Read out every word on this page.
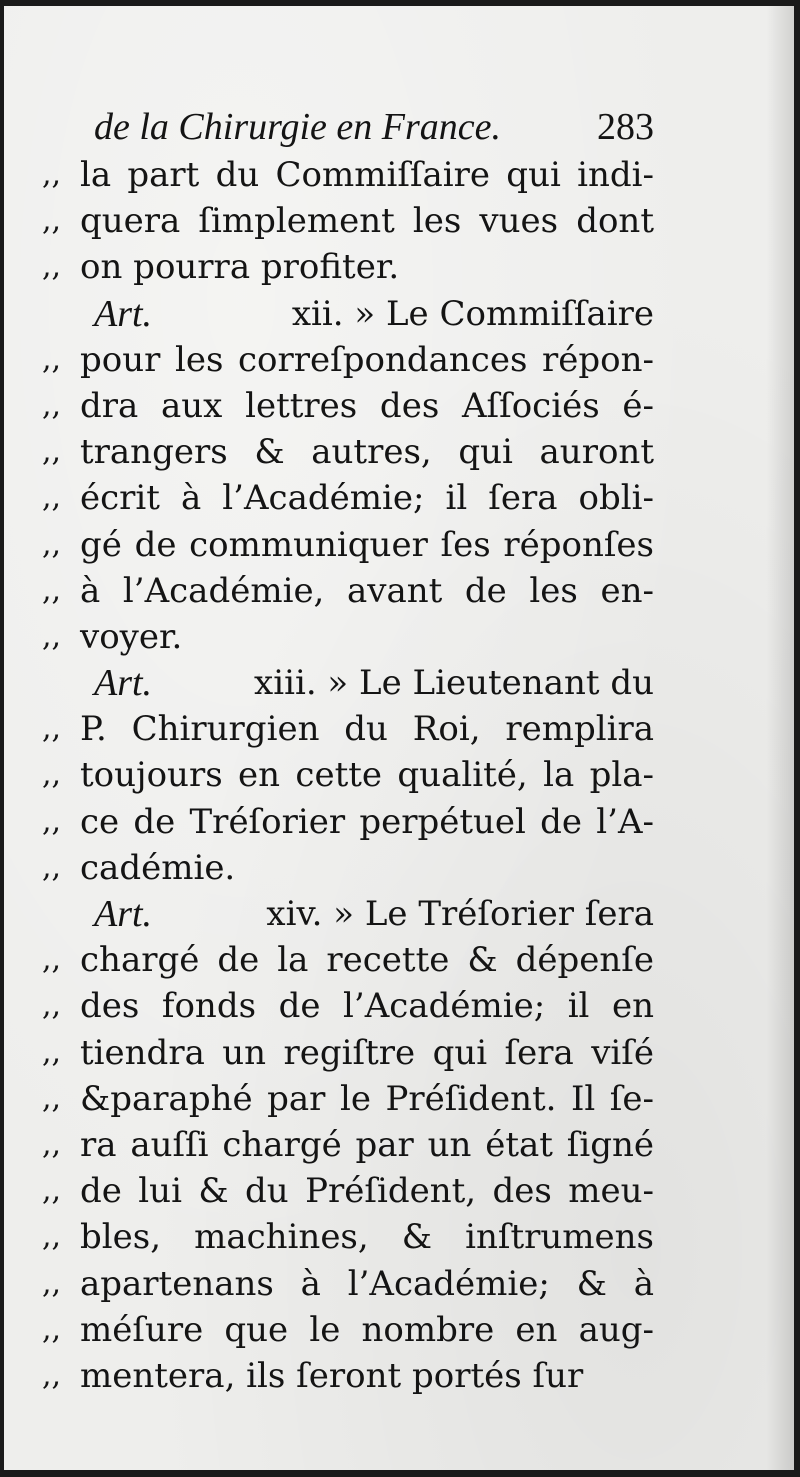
de la Chirurgie en France.	283
,, la part du Commiſſaire qui indi-
,, quera ſimplement les vues dont
,, on pourra profiter.
Art.	xii. » Le Commiſſaire
,, pour les correſpondances répon-
,, dra aux lettres des Aſſociés é-
,, trangers & autres, qui auront
,, écrit à l’Académie; il ſera obli-
,, gé de communiquer ſes réponſes
,, à l’Académie, avant de les en-
,, voyer.
Art.	xiii. » Le Lieutenant du
,, P. Chirurgien du Roi, remplira
,, toujours en cette qualité, la pla-
,, ce de Tréſorier perpétuel de l’A-
,, cadémie.
Art.	xiv. » Le Tréſorier ſera
,, chargé de la recette & dépenſe
,, des fonds de l’Académie; il en
,, tiendra un regiſtre qui ſera viſé
,, &paraphé par le Préſident. Il ſe-
,, ra auſſi chargé par un état ſigné
,, de lui & du Préſident, des meu-
,, bles, machines, & inſtrumens
,, apartenans à l’Académie; & à
,, méſure que le nombre en aug-
,, mentera, ils ſeront portés ſur
